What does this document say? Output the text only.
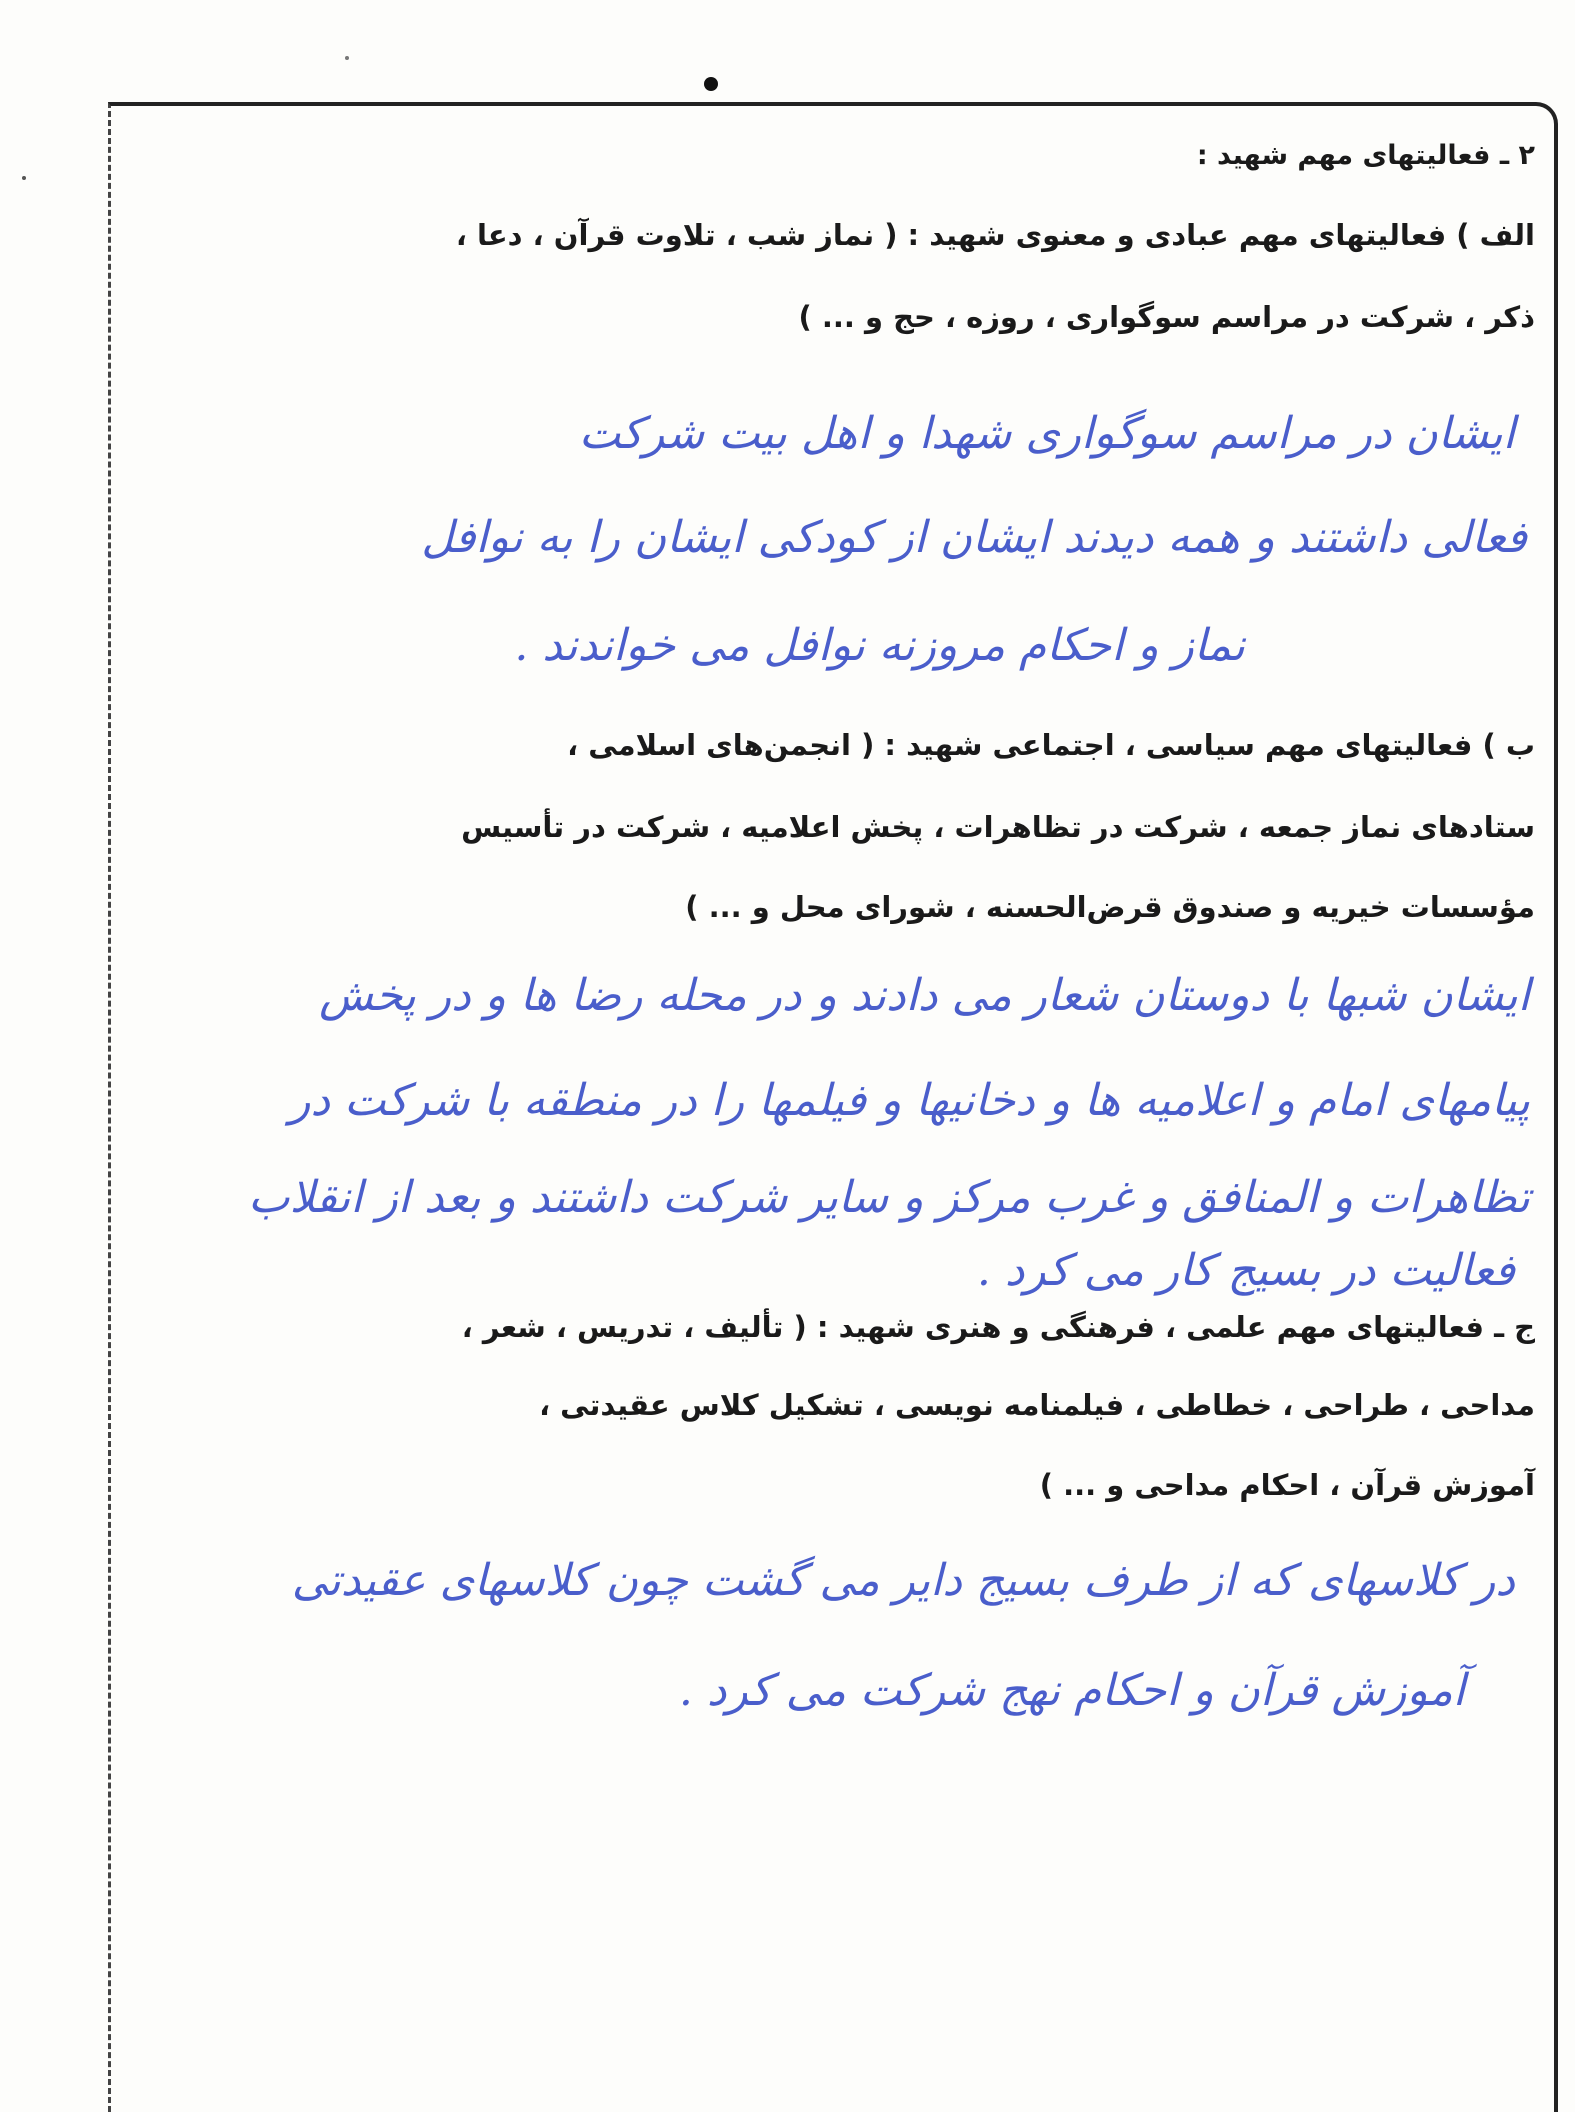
۲ ـ فعالیتهای مهم شهید :
الف ) فعالیتهای مهم عبادی و معنوی شهید : ( نماز شب ، تلاوت قرآن ، دعا ،
ذکر ، شرکت در مراسم سوگواری ، روزه ، حج و ... )
ایشان در مراسم سوگواری شهدا و اهل بیت شرکت
فعالی داشتند و همه دیدند ایشان از کودکی ایشان را به نوافل
نماز و احکام مروزنه نوافل می خواندند .
ب ) فعالیتهای مهم سیاسی ، اجتماعی شهید : ( انجمن‌های اسلامی ،
ستادهای نماز جمعه ، شرکت در تظاهرات ، پخش اعلامیه ، شرکت در تأسیس
مؤسسات خیریه و صندوق قرض‌الحسنه ، شورای محل و ... )
ایشان شبها با دوستان شعار می دادند و در محله رضا ها و در پخش
پیامهای امام و اعلامیه ها و دخانیها و فیلمها را در منطقه با شرکت در
تظاهرات و المنافق و غرب مرکز و سایر شرکت داشتند و بعد از انقلاب
فعالیت در بسیج کار می کرد .
ج ـ فعالیتهای مهم علمی ، فرهنگی و هنری شهید : ( تألیف ، تدریس ، شعر ،
مداحی ، طراحی ، خطاطی ، فیلمنامه نویسی ، تشکیل کلاس عقیدتی ،
آموزش قرآن ، احکام مداحی و ... )
در کلاسهای که از طرف بسیج دایر می گشت چون کلاسهای عقیدتی
آموزش قرآن و احکام نهج شرکت می کرد .
